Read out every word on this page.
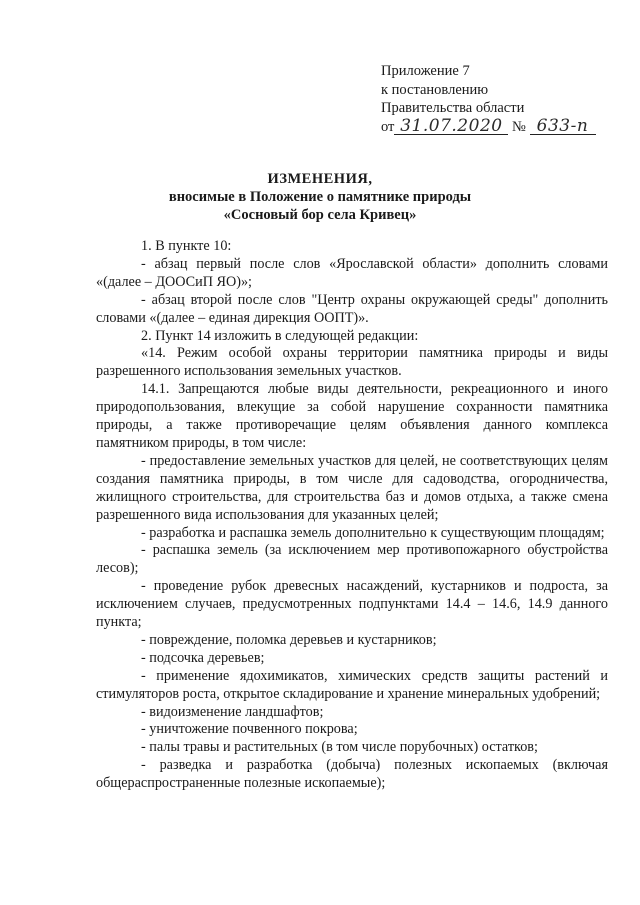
Приложение 7
к постановлению
Правительства области
от 31.07.2020 № 633-п
ИЗМЕНЕНИЯ,
вносимые в Положение о памятнике природы
«Сосновый бор села Кривец»

1. В пункте 10:

- абзац первый после слов «Ярославской области» дополнить словами «(далее – ДООСиП ЯО)»;

- абзац второй после слов "Центр охраны окружающей среды" дополнить словами «(далее – единая дирекция ООПТ)».

2. Пункт 14 изложить в следующей редакции:

«14. Режим особой охраны территории памятника природы и виды разрешенного использования земельных участков.

14.1. Запрещаются любые виды деятельности, рекреационного и иного природопользования, влекущие за собой нарушение сохранности памятника природы, а также противоречащие целям объявления данного комплекса памятником природы, в том числе:

- предоставление земельных участков для целей, не соответствующих целям создания памятника природы, в том числе для садоводства, огородничества, жилищного строительства, для строительства баз и домов отдыха, а также смена разрешенного вида использования для указанных целей;

- разработка и распашка земель дополнительно к существующим площадям;

- распашка земель (за исключением мер противопожарного обустройства лесов);

- проведение рубок древесных насаждений, кустарников и подроста, за исключением случаев, предусмотренных подпунктами 14.4 – 14.6, 14.9 данного пункта;

- повреждение, поломка деревьев и кустарников;

- подсочка деревьев;

- применение ядохимикатов, химических средств защиты растений и стимуляторов роста, открытое складирование и хранение минеральных удобрений;

- видоизменение ландшафтов;

- уничтожение почвенного покрова;

- палы травы и растительных (в том числе порубочных) остатков;

- разведка и разработка (добыча) полезных ископаемых (включая общераспространенные полезные ископаемые);
